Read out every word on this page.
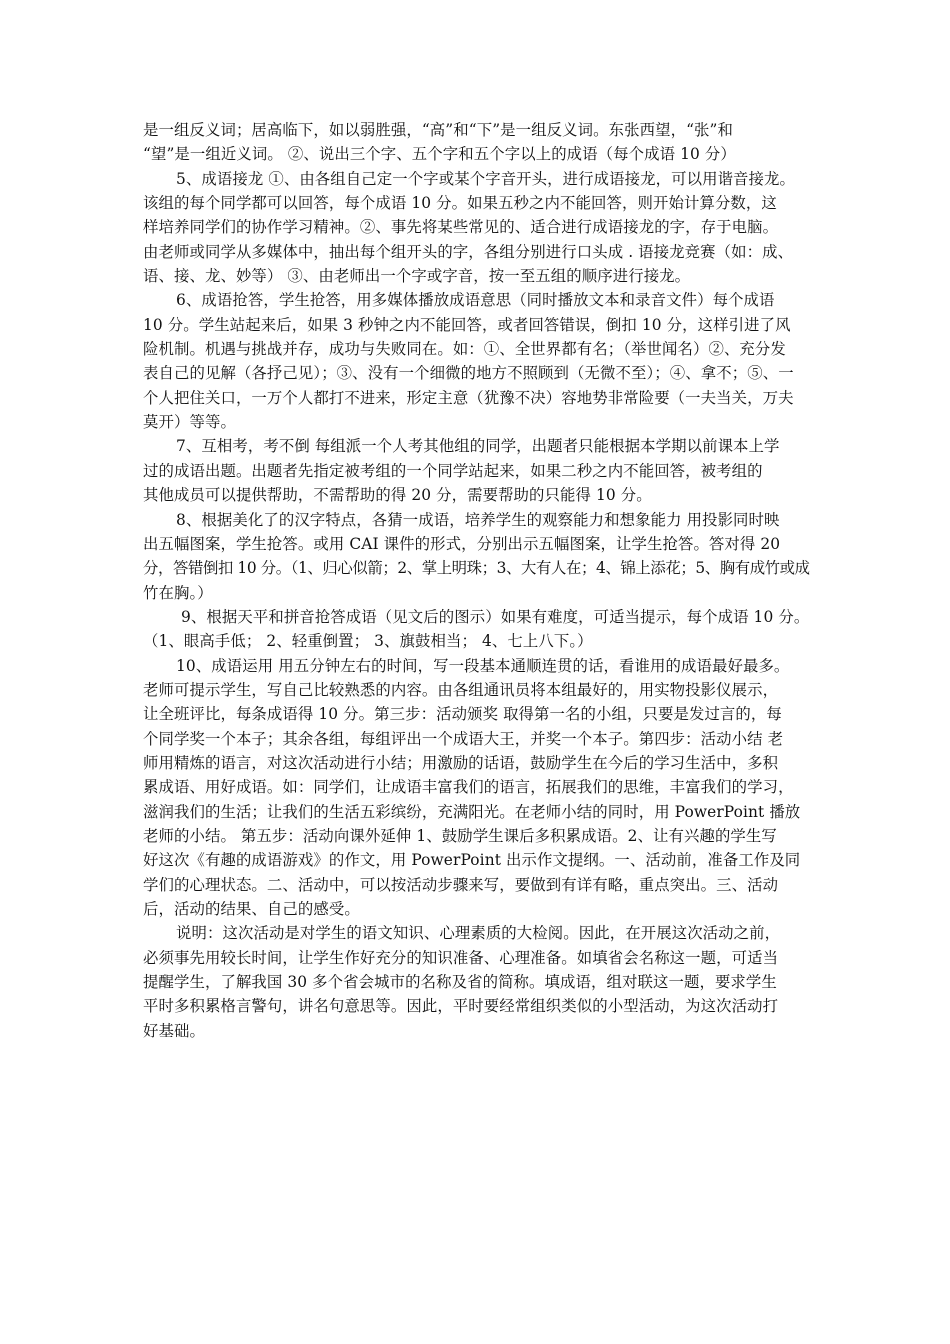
是一组反义词；居高临下，如以弱胜强，“高”和“下”是一组反义词。东张西望，“张”和
“望”是一组近义词。 ②、说出三个字、五个字和五个字以上的成语（每个成语 10 分）
5、成语接龙 ①、由各组自己定一个字或某个字音开头，进行成语接龙，可以用谐音接龙。
该组的每个同学都可以回答，每个成语 10 分。如果五秒之内不能回答，则开始计算分数，这
样培养同学们的协作学习精神。②、事先将某些常见的、适合进行成语接龙的字，存于电脑。
由老师或同学从多媒体中，抽出每个组开头的字，各组分别进行口头成 . 语接龙竞赛（如：成、
语、接、龙、妙等） ③、由老师出一个字或字音，按一至五组的顺序进行接龙。
6、成语抢答，学生抢答，用多媒体播放成语意思（同时播放文本和录音文件）每个成语
10 分。学生站起来后，如果 3 秒钟之内不能回答，或者回答错误，倒扣 10 分，这样引进了风
险机制。机遇与挑战并存，成功与失败同在。如：①、全世界都有名；（举世闻名）②、充分发
表自己的见解（各抒己见）；③、没有一个细微的地方不照顾到（无微不至）；④、拿不；⑤、一
个人把住关口，一万个人都打不进来，形定主意（犹豫不决）容地势非常险要（一夫当关，万夫
莫开）等等。
7、互相考，考不倒 每组派一个人考其他组的同学，出题者只能根据本学期以前课本上学
过的成语出题。出题者先指定被考组的一个同学站起来，如果二秒之内不能回答，被考组的
其他成员可以提供帮助，不需帮助的得 20 分，需要帮助的只能得 10 分。
8、根据美化了的汉字特点，各猜一成语，培养学生的观察能力和想象能力 用投影同时映
出五幅图案，学生抢答。或用 CAI 课件的形式，分别出示五幅图案，让学生抢答。答对得 20
分，答错倒扣 10 分。（1、归心似箭；2、掌上明珠；3、大有人在；4、锦上添花；5、胸有成竹或成
竹在胸。）
9、根据天平和拼音抢答成语（见文后的图示）如果有难度，可适当提示，每个成语 10 分。
（1、眼高手低； 2、轻重倒置； 3、旗鼓相当； 4、七上八下。）
10、成语运用 用五分钟左右的时间，写一段基本通顺连贯的话，看谁用的成语最好最多。
老师可提示学生，写自己比较熟悉的内容。由各组通讯员将本组最好的，用实物投影仪展示，
让全班评比，每条成语得 10 分。第三步：活动颁奖 取得第一名的小组，只要是发过言的，每
个同学奖一个本子；其余各组，每组评出一个成语大王，并奖一个本子。第四步：活动小结 老
师用精炼的语言，对这次活动进行小结；用激励的话语，鼓励学生在今后的学习生活中，多积
累成语、用好成语。如：同学们，让成语丰富我们的语言，拓展我们的思维，丰富我们的学习，
滋润我们的生活；让我们的生活五彩缤纷，充满阳光。在老师小结的同时，用 PowerPoint 播放
老师的小结。 第五步：活动向课外延伸 1、鼓励学生课后多积累成语。2、让有兴趣的学生写
好这次《有趣的成语游戏》的作文，用 PowerPoint 出示作文提纲。一、活动前，准备工作及同
学们的心理状态。二、活动中，可以按活动步骤来写，要做到有详有略，重点突出。三、活动
后，活动的结果、自己的感受。
说明：这次活动是对学生的语文知识、心理素质的大检阅。因此，在开展这次活动之前，
必须事先用较长时间，让学生作好充分的知识准备、心理准备。如填省会名称这一题，可适当
提醒学生，了解我国 30 多个省会城市的名称及省的简称。填成语，组对联这一题，要求学生
平时多积累格言警句，讲名句意思等。因此，平时要经常组织类似的小型活动，为这次活动打
好基础。
